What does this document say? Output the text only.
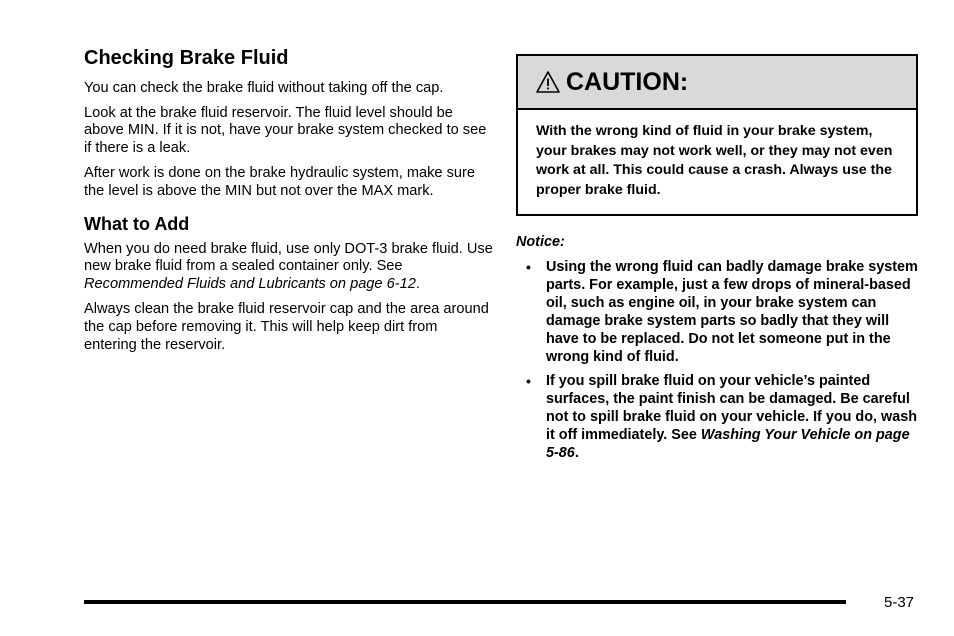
Checking Brake Fluid

You can check the brake fluid without taking off the cap.

Look at the brake fluid reservoir. The fluid level should be above MIN. If it is not, have your brake system checked to see if there is a leak.

After work is done on the brake hydraulic system, make sure the level is above the MIN but not over the MAX mark.

What to Add

When you do need brake fluid, use only DOT-3 brake fluid. Use new brake fluid from a sealed container only. See Recommended Fluids and Lubricants on page 6-12.

Always clean the brake fluid reservoir cap and the area around the cap before removing it. This will help keep dirt from entering the reservoir.

CAUTION:
With the wrong kind of fluid in your brake system, your brakes may not work well, or they may not even work at all. This could cause a crash. Always use the proper brake fluid.

Notice:

• Using the wrong fluid can badly damage brake system parts. For example, just a few drops of mineral-based oil, such as engine oil, in your brake system can damage brake system parts so badly that they will have to be replaced. Do not let someone put in the wrong kind of fluid.
• If you spill brake fluid on your vehicle’s painted surfaces, the paint finish can be damaged. Be careful not to spill brake fluid on your vehicle. If you do, wash it off immediately. See Washing Your Vehicle on page 5-86.
5-37
